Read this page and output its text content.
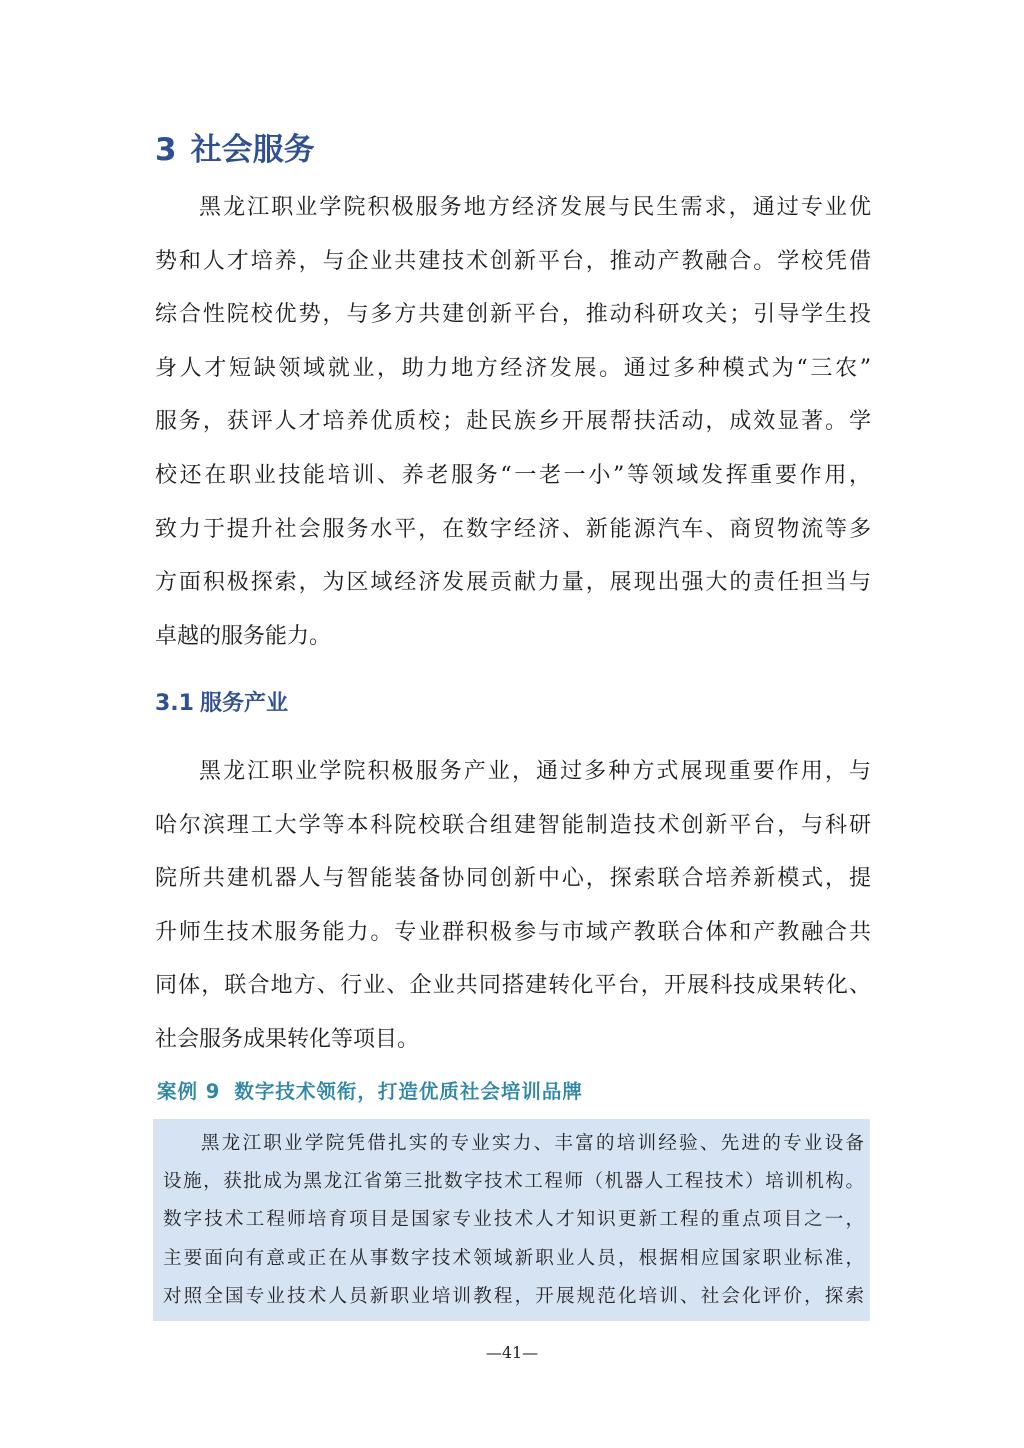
3 社会服务
黑龙江职业学院积极服务地方经济发展与民生需求，通过专业优
势和人才培养，与企业共建技术创新平台，推动产教融合。学校凭借
综合性院校优势，与多方共建创新平台，推动科研攻关；引导学生投
身人才短缺领域就业，助力地方经济发展。通过多种模式为“三农”
服务，获评人才培养优质校；赴民族乡开展帮扶活动，成效显著。学
校还在职业技能培训、养老服务“一老一小”等领域发挥重要作用，
致力于提升社会服务水平，在数字经济、新能源汽车、商贸物流等多
方面积极探索，为区域经济发展贡献力量，展现出强大的责任担当与
卓越的服务能力。
3.1 服务产业
黑龙江职业学院积极服务产业，通过多种方式展现重要作用，与
哈尔滨理工大学等本科院校联合组建智能制造技术创新平台，与科研
院所共建机器人与智能装备协同创新中心，探索联合培养新模式，提
升师生技术服务能力。专业群积极参与市域产教联合体和产教融合共
同体，联合地方、行业、企业共同搭建转化平台，开展科技成果转化、
社会服务成果转化等项目。
案例 9 数字技术领衔，打造优质社会培训品牌
黑龙江职业学院凭借扎实的专业实力、丰富的培训经验、先进的专业设备
设施，获批成为黑龙江省第三批数字技术工程师（机器人工程技术）培训机构。
数字技术工程师培育项目是国家专业技术人才知识更新工程的重点项目之一，
主要面向有意或正在从事数字技术领域新职业人员，根据相应国家职业标准，
对照全国专业技术人员新职业培训教程，开展规范化培训、社会化评价，探索
—41—
